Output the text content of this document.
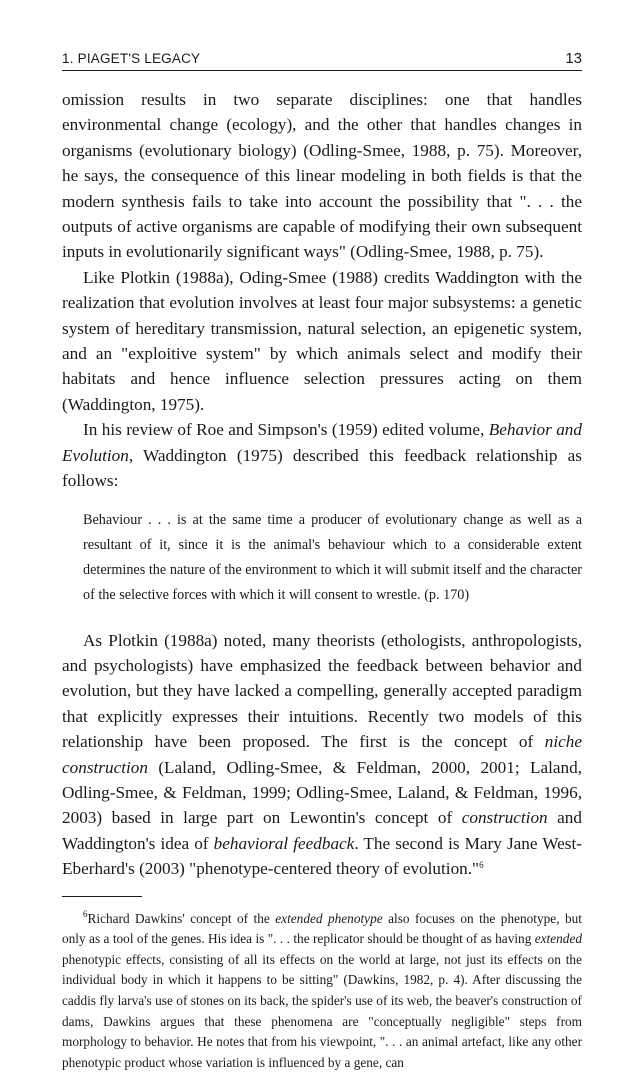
1. PIAGET'S LEGACY	13

omission results in two separate disciplines: one that handles environmental change (ecology), and the other that handles changes in organisms (evolutionary biology) (Odling-Smee, 1988, p. 75). Moreover, he says, the consequence of this linear modeling in both fields is that the modern synthesis fails to take into account the possibility that ". . . the outputs of active organisms are capable of modifying their own subsequent inputs in evolutionarily significant ways" (Odling-Smee, 1988, p. 75).

Like Plotkin (1988a), Oding-Smee (1988) credits Waddington with the realization that evolution involves at least four major subsystems: a genetic system of hereditary transmission, natural selection, an epigenetic system, and an "exploitive system" by which animals select and modify their habitats and hence influence selection pressures acting on them (Waddington, 1975).

In his review of Roe and Simpson's (1959) edited volume, Behavior and Evolution, Waddington (1975) described this feedback relationship as follows:

Behaviour . . . is at the same time a producer of evolutionary change as well as a resultant of it, since it is the animal's behaviour which to a considerable extent determines the nature of the environment to which it will submit itself and the character of the selective forces with which it will consent to wrestle. (p. 170)

As Plotkin (1988a) noted, many theorists (ethologists, anthropologists, and psychologists) have emphasized the feedback between behavior and evolution, but they have lacked a compelling, generally accepted paradigm that explicitly expresses their intuitions. Recently two models of this relationship have been proposed. The first is the concept of niche construction (Laland, Odling-Smee, & Feldman, 2000, 2001; Laland, Odling-Smee, & Feldman, 1999; Odling-Smee, Laland, & Feldman, 1996, 2003) based in large part on Lewontin's concept of construction and Waddington's idea of behavioral feedback. The second is Mary Jane West-Eberhard's (2003) "phenotype-centered theory of evolution."$^6$

$^6$Richard Dawkins' concept of the extended phenotype also focuses on the phenotype, but only as a tool of the genes. His idea is ". . . the replicator should be thought of as having extended phenotypic effects, consisting of all its effects on the world at large, not just its effects on the individual body in which it happens to be sitting" (Dawkins, 1982, p. 4). After discussing the caddis fly larva's use of stones on its back, the spider's use of its web, the beaver's construction of dams, Dawkins argues that these phenomena are "conceptually negligible" steps from morphology to behavior. He notes that from his viewpoint, ". . . an animal artefact, like any other phenotypic product whose variation is influenced by a gene, can
